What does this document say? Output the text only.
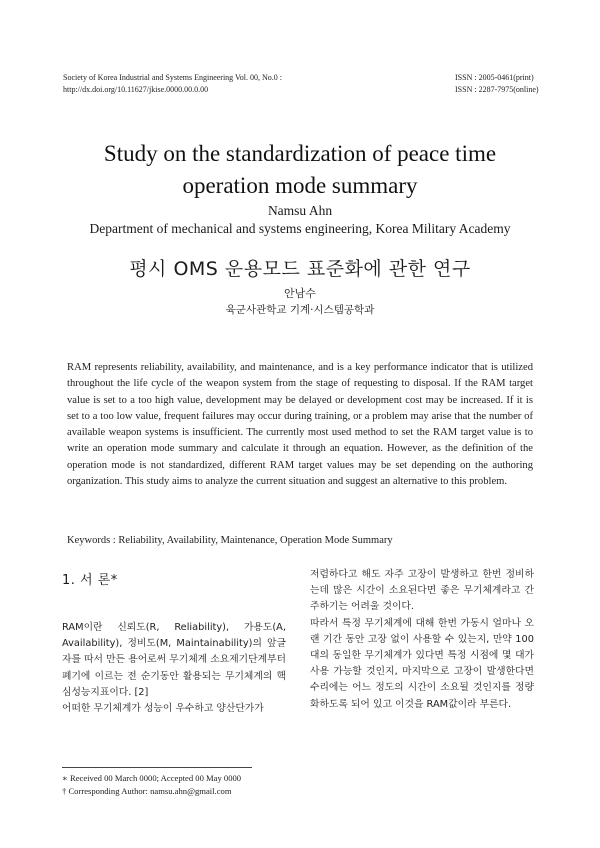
Society of Korea Industrial and Systems Engineering Vol. 00, No.0 :
http://dx.doi.org/10.11627/jkise.0000.00.0.00
ISSN : 2005-0461(print)
ISSN : 2287-7975(online)
Study on the standardization of peace time
operation mode summary
Namsu Ahn
Department of mechanical and systems engineering, Korea Military Academy
평시 OMS 운용모드 표준화에 관한 연구
안남수
육군사관학교 기계·시스템공학과
RAM represents reliability, availability, and maintenance, and is a key performance indicator that is utilized throughout the life cycle of the weapon system from the stage of requesting to disposal. If the RAM target value is set to a too high value, development may be delayed or development cost may be increased. If it is set to a too low value, frequent failures may occur during training, or a problem may arise that the number of available weapon systems is insufficient. The currently most used method to set the RAM target value is to write an operation mode summary and calculate it through an equation. However, as the definition of the operation mode is not standardized, different RAM target values may be set depending on the authoring organization. This study aims to analyze the current situation and suggest an alternative to this problem.
Keywords : Reliability, Availability, Maintenance, Operation Mode Summary
1. 서 론*

RAM이란 신뢰도(R, Reliability), 가용도(A, Availability), 정비도(M, Maintainability)의 앞글자를 따서 만든 용어로써 무기체계 소요제기단계부터 폐기에 이르는 전 순기동안 활용되는 무기체계의 핵심성능지표이다. [2]

어떠한 무기체계가 성능이 우수하고 양산단가가

저렴하다고 해도 자주 고장이 발생하고 한번 정비하는데 많은 시간이 소요된다면 좋은 무기체계라고 간주하기는 어려울 것이다.

따라서 특정 무기체계에 대해 한번 가동시 얼마나 오랜 기간 동안 고장 없이 사용할 수 있는지, 만약 100대의 동일한 무기체계가 있다면 특정 시점에 몇 대가 사용 가능할 것인지, 마지막으로 고장이 발생한다면 수리에는 어느 정도의 시간이 소요될 것인지를 정량화하도록 되어 있고 이것을 RAM값이라 부른다.

∗ Received 00 March 0000; Accepted 00 May 0000
† Corresponding Author: namsu.ahn@gmail.com
